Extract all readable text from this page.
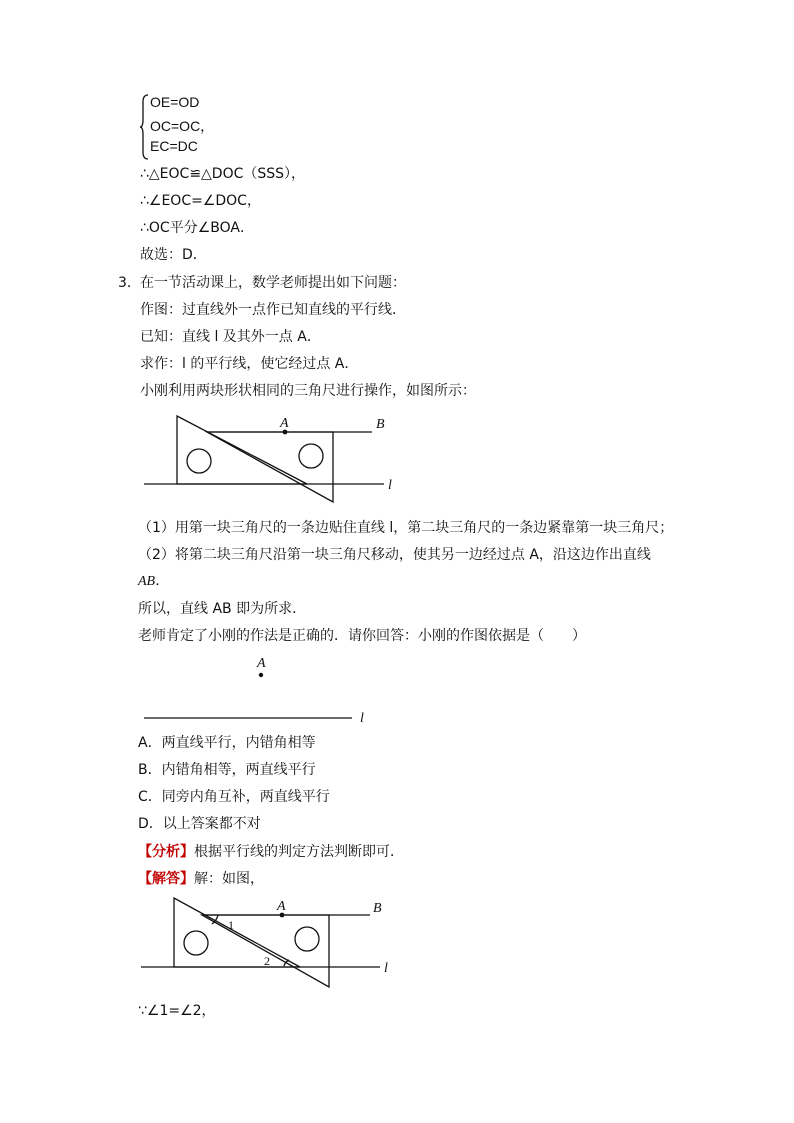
OE=OD
OC=OC，
EC=DC
∴△EOC≌△DOC（SSS），
∴∠EOC=∠DOC，
∴OC平分∠BOA．
故选：D．
3． 在一节活动课上，数学老师提出如下问题：
作图：过直线外一点作已知直线的平行线．
已知：直线 l 及其外一点 A．
求作：l 的平行线，使它经过点 A．
小刚利用两块形状相同的三角尺进行操作，如图所示：
A	B
l
（1）用第一块三角尺的一条边贴住直线 l，第二块三角尺的一条边紧靠第一块三角尺；
（2）将第二块三角尺沿第一块三角尺移动，使其另一边经过点 A，沿这边作出直线
AB．
所以，直线 AB 即为所求．
老师肯定了小刚的作法是正确的．请你回答：小刚的作图依据是（　　）
A
l
A．两直线平行，内错角相等
B．内错角相等，两直线平行
C．同旁内角互补，两直线平行
D．以上答案都不对
【分析】根据平行线的判定方法判断即可．
【解答】解：如图，
A	B
l
1
2
∵∠1=∠2，
